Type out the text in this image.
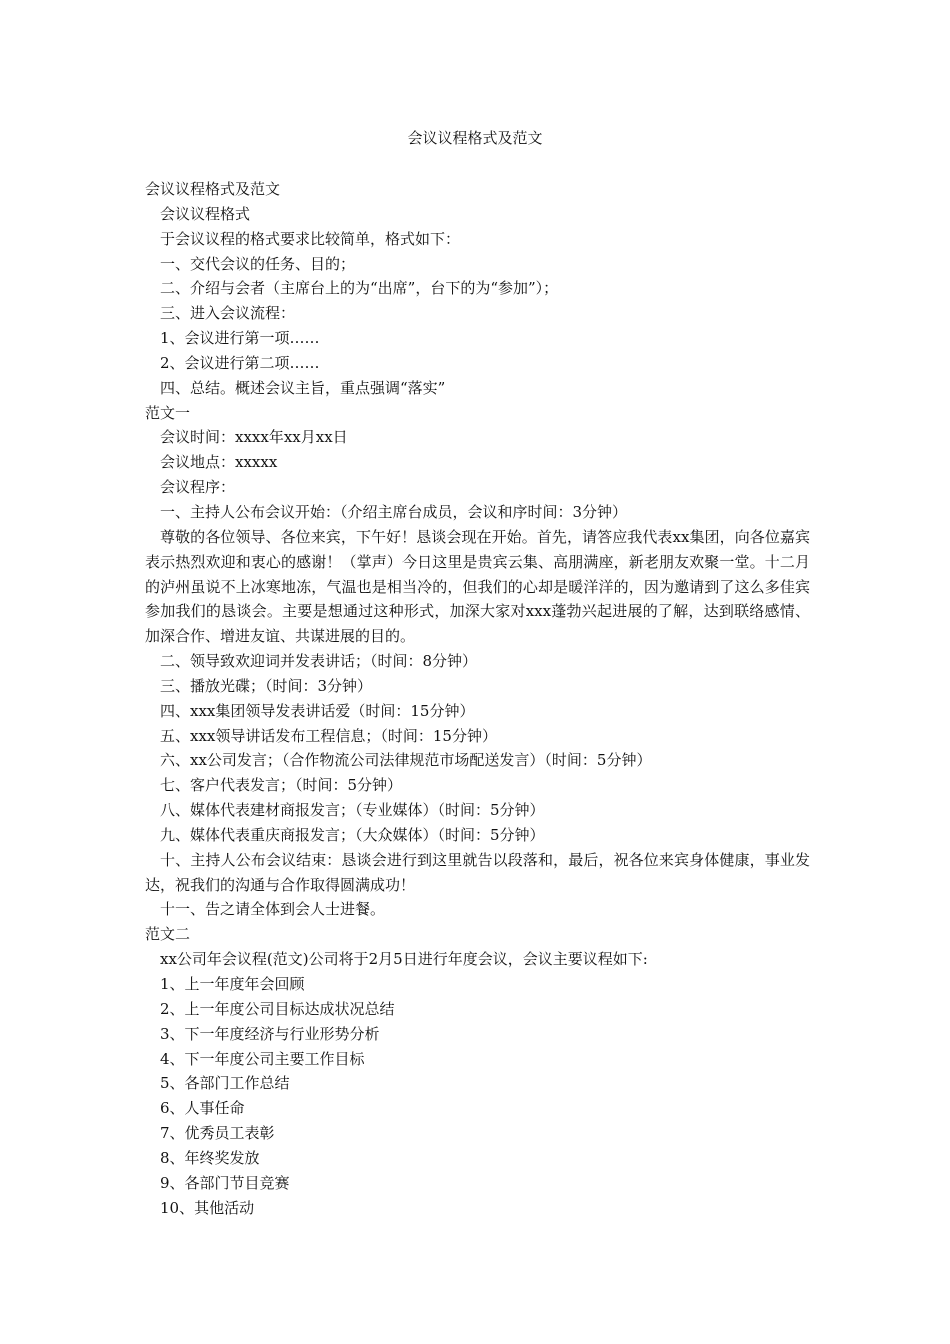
会议议程格式及范文

会议议程格式及范文

会议议程格式

于会议议程的格式要求比较简单，格式如下：

一、交代会议的任务、目的；

二、介绍与会者（主席台上的为“出席”，台下的为“参加”）；

三、进入会议流程：

1、会议进行第一项……

2、会议进行第二项……

四、总结。概述会议主旨，重点强调“落实”

范文一

会议时间：xxxx年xx月xx日

会议地点：xxxxx

会议程序：

一、主持人公布会议开始：（介绍主席台成员，会议和序时间：3分钟）

尊敬的各位领导、各位来宾，下午好！恳谈会现在开始。首先，请答应我代表xx集团，向各位嘉宾表示热烈欢迎和衷心的感谢！（掌声）今日这里是贵宾云集、高朋满座，新老朋友欢聚一堂。十二月的泸州虽说不上冰寒地冻，气温也是相当冷的，但我们的心却是暖洋洋的，因为邀请到了这么多佳宾参加我们的恳谈会。主要是想通过这种形式，加深大家对xxx蓬勃兴起进展的了解，达到联络感情、加深合作、增进友谊、共谋进展的目的。

二、领导致欢迎词并发表讲话；（时间：8分钟）

三、播放光碟；（时间：3分钟）

四、xxx集团领导发表讲话爱（时间：15分钟）

五、xxx领导讲话发布工程信息；（时间：15分钟）

六、xx公司发言；（合作物流公司法律规范市场配送发言）（时间：5分钟）

七、客户代表发言；（时间：5分钟）

八、媒体代表建材商报发言；（专业媒体）（时间：5分钟）

九、媒体代表重庆商报发言；（大众媒体）（时间：5分钟）

十、主持人公布会议结束：恳谈会进行到这里就告以段落和，最后，祝各位来宾身体健康，事业发达，祝我们的沟通与合作取得圆满成功！

十一、告之请全体到会人士进餐。

范文二

xx公司年会议程(范文)公司将于2月5日进行年度会议，会议主要议程如下:

1、上一年度年会回顾

2、上一年度公司目标达成状况总结

3、下一年度经济与行业形势分析

4、下一年度公司主要工作目标

5、各部门工作总结

6、人事任命

7、优秀员工表彰

8、年终奖发放

9、各部门节目竞赛

10、其他活动
